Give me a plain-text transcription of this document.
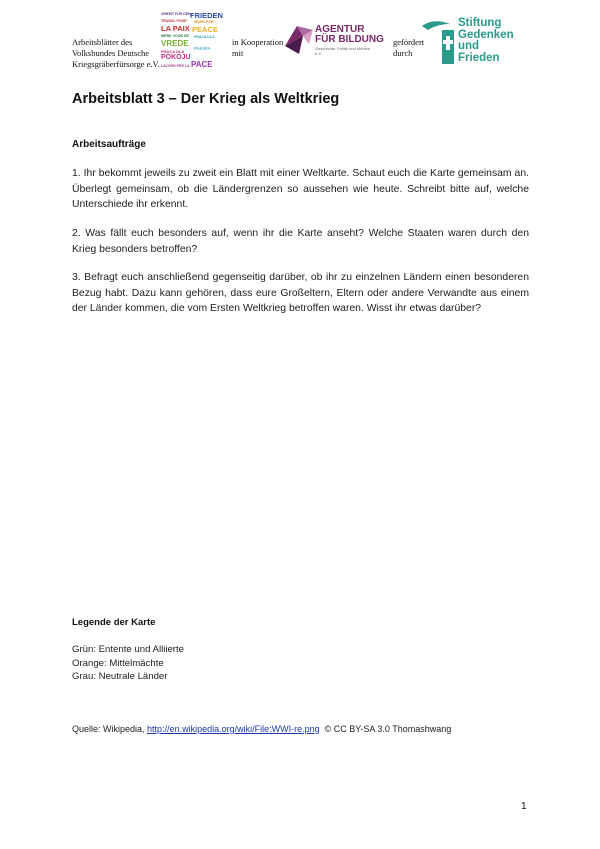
Arbeitsblätter des
Volksbundes Deutsche
Kriegsgräberfürsorge e.V.
ARBEIT FÜR DEN FRIEDEN
TRAVAIL POUR
LA PAIX
WORK FOR
PEACE
WERK VOOR DE
VREDE
PRACA DLA
POKOJU
PRACA DLA
PAKIPA
LAVORO PER LA PACE
in Kooperation
mit
AGENTUR
FÜR BILDUNG
Geschichte, Politik und Medien e.V.
gefördert
durch
Stiftung
Gedenken
und
Frieden
Arbeitsblatt 3 – Der Krieg als Weltkrieg
Arbeitsaufträge

1. Ihr bekommt jeweils zu zweit ein Blatt mit einer Weltkarte. Schaut euch die Karte gemeinsam an. Überlegt gemeinsam, ob die Ländergrenzen so aussehen wie heute. Schreibt bitte auf, welche Unterschiede ihr erkennt.

2. Was fällt euch besonders auf, wenn ihr die Karte anseht? Welche Staaten waren durch den Krieg besonders betroffen?

3. Befragt euch anschließend gegenseitig darüber, ob ihr zu einzelnen Ländern einen besonderen Bezug habt. Dazu kann gehören, dass eure Großeltern, Eltern oder andere Verwandte aus einem der Länder kommen, die vom Ersten Weltkrieg betroffen waren. Wisst ihr etwas darüber?

Legende der Karte
Grün: Entente und Alliierte
Orange: Mittelmächte
Grau: Neutrale Länder
Quelle: Wikipedia, http://en.wikipedia.org/wiki/File:WWI-re.png  © CC BY-SA 3.0 Thomashwang
1
